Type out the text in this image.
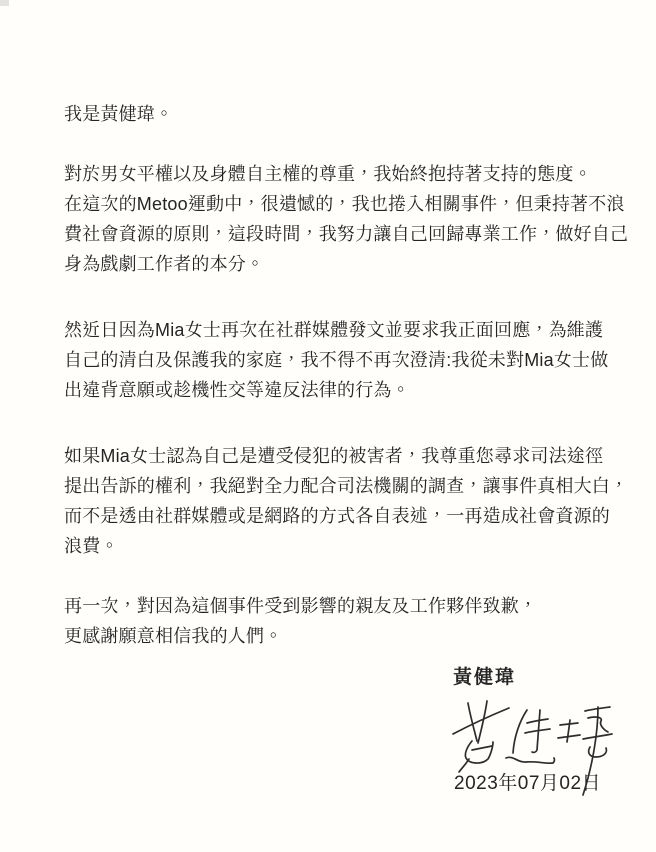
我是黃健瑋。

對於男女平權以及身體自主權的尊重，我始終抱持著支持的態度。
在這次的Metoo運動中，很遺憾的，我也捲入相關事件，但秉持著不浪
費社會資源的原則，這段時間，我努力讓自己回歸專業工作，做好自己
身為戲劇工作者的本分。

然近日因為Mia女士再次在社群媒體發文並要求我正面回應，為維護
自己的清白及保護我的家庭，我不得不再次澄清:我從未對Mia女士做
出違背意願或趁機性交等違反法律的行為。

如果Mia女士認為自己是遭受侵犯的被害者，我尊重您尋求司法途徑
提出告訴的權利，我絕對全力配合司法機關的調查，讓事件真相大白，
而不是透由社群媒體或是網路的方式各自表述，一再造成社會資源的
浪費。

再一次，對因為這個事件受到影響的親友及工作夥伴致歉，
更感謝願意相信我的人們。

黃健瑋
2023年07月02日
